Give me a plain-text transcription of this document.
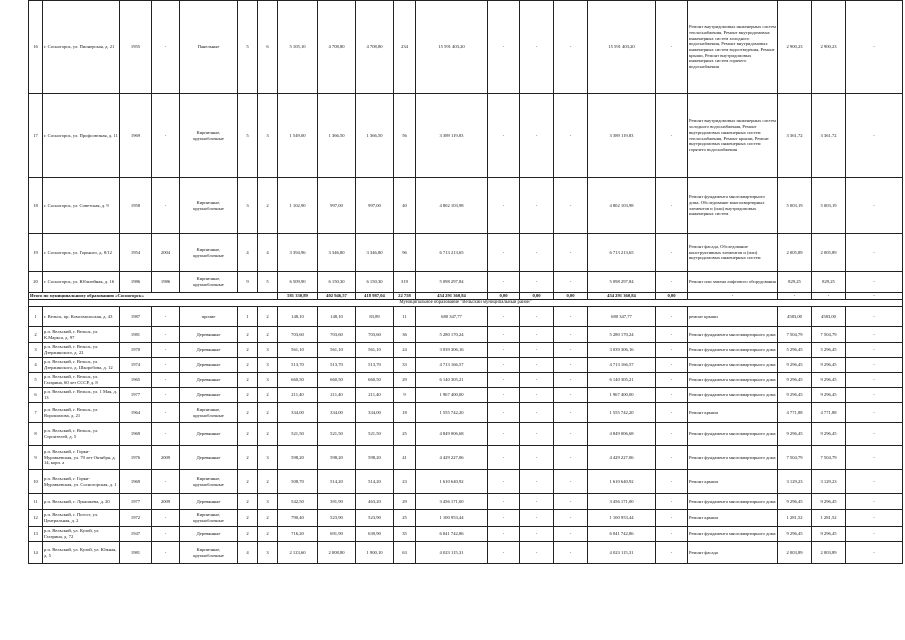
16	г. Сосногорск, ул. Пионерская, д. 21	1955	-	Панельные	5	6	5 105,10	4 708,80	4 708,80	234	15 591 403,20	-	-	-	15 591 403,20	-	Ремонт внутридомовых инженерных систем теплоснабжения, Ремонт внутридомовых инженерных систем холодного водоснабжения, Ремонт внутридомовых инженерных систем водоотведения, Ремонт крыши, Ремонт внутридомовых инженерных систем горячего водоснабжения	2 900,23	2 900,23	-
17	г. Сосногорск, ул. Профсоюзная, д. 11	1969	-	Кирпичные, крупноблочные	5	3	1 549,00	1 366,50	1 366,50	56	3 389 119,83	-	-	-	3 389 119,83	-	Ремонт внутридомовых инженерных систем холодного водоснабжения, Ремонт внутридомовых инженерных систем теплоснабжения, Ремонт крыши, Ремонт внутридомовых инженерных систем горячего водоснабжения	3 361,72	3 361,72	-
18	г. Сосногорск, ул. Советская, д. 9	1958	-	Кирпичные, крупноблочные	3	2	1 102,90	997,00	997,00	40	4 802 103,98	-	-	-	4 802 103,98	-	Ремонт фундамента многоквартирного дома, Обследование многоквартирных элементов и (или) внутридомовых инженерных систем	5 003,19	5 003,19	-
19	г. Сосногорск, ул. Горького, д. 8/12	1954	2004	Кирпичные, крупноблочные	4	4	3 394,96	3 346,80	3 346,80	96	6 713 213,65	-	-	-	6 713 213,65	-	Ремонт фасада, Обследование конструктивных элементов и (или) внутридомовых инженерных систем	2 005,89	2 005,89	-
20	г. Сосногорск, ул. Юбилейная, д. 16	1986	1986	Кирпичные, крупноблочные	9	5	6 509,90	6 150,30	6 150,30	319	5 098 297,84	-	-	-	5 098 297,84	-	Ремонт или замена лифтового оборудования	829,25	829,25	-
Итого по муниципальному образованию «Сосногорск»							581 330,89	402 946,57	418 987,04	22 758	454 291 360,84	0,00	0,00	0,00	454 291 360,84	0,00	-	-	-	-
Муниципальное образование "Вельский муниципальный район"																				
1	г. Вельск, пр. Комсомольская, д. 43	1987	-	прочие	1	2	148,10	148,10	83,89	11	680 347,77	-	-	-	680 347,77	-	ремонт крыши	4583,00	4583,00	-
2	р.п. Вельский, г. Вельск, ул. К.Маркса, д. 97	1981	-	Деревянные	2	2	703,60	703,60	703,60	36	5 280 170,24	-	-	-	5 280 170,24	-	Ремонт фундамента многоквартирного дома	7 504,79	7 504,79	-
3	р.п. Вельский, г. Вельск, ул. Дзержинского, д. 22	1970	-	Деревянные	2	3	561,10	561,10	561,10	24	3 039 306,16	-	-	-	3 039 306,16	-	Ремонт фундамента многоквартирного дома	5 296,45	5 296,45	-
4	р.п. Вельский, г. Вельск, ул. Дзержинского, д. Шкоробова, д. 12	1974	-	Деревянные	2	3	513,70	513,70	513,70	33	4 713 166,57	-	-	-	4 713 166,57	-	Ремонт фундамента многоквартирного дома	9 296,45	9 296,45	-
5	р.п. Вельский, г. Вельск, ул. Гагарина, 60 лет СССР, д. 8	1965	-	Деревянные	2	3	660,50	660,50	660,50	29	6 140 305,21	-	-	-	6 140 305,21	-	Ремонт фундамента многоквартирного дома	9 296,45	9 296,45	-
6	р.п. Вельский, г. Вельск, ул. 1 Мая, д. 13	1977	-	Деревянные	2	2	211,40	211,40	211,40	9	1 967 400,00	-	-	-	1 967 400,00	-	Ремонт фундамента многоквартирного дома	9 296,45	9 296,45	-
7	р.п. Вельский, г. Вельск, ул. Ворошилова, д. 21	1964	-	Кирпичные, крупноблочные	2	2	334,00	334,00	334,00	18	1 555 742,20	-	-	-	1 555 742,20	-	Ремонт крыши	4 771,88	4 771,88	-
8	р.п. Вельский, г. Вельск, ул. Строителей, д. 5	1969	-	Деревянные	2	2	521,50	521,50	521,50	25	4 849 006,68	-	-	-	4 849 006,68	-	Ремонт фундамента многоквартирного дома	9 296,45	9 296,45	-
9	р.п. Вельский, г. Горки-Муравьевская, ул. 70 лет Октября, д. 14, корп. а	1976	2009	Деревянные	2	3	598,20	598,20	598,20	41	4 429 227,06	-	-	-	4 429 227,06	-	Ремонт фундамента многоквартирного дома	7 504,79	7 504,79	-
10	р.п. Вельский, г. Горки-Муравьевская, ул. Сосногорская, д. 1	1969	-	Кирпичные, крупноблочные	2	2	508,70	514,20	514,20	23	1 610 640,92	-	-	-	1 610 640,92	-	Ремонт крыши	3 129,23	3 129,23	-
11	р.п. Вельский, г. Лукашьева, д. 20	1977	2009	Деревянные	2	3	542,50	391,90	463,20	29	3 456 171,00	-	-	-	3 456 171,00	-	Ремонт фундамента многоквартирного дома	9 296,45	9 296,45	-
12	р.п. Вельский, г. Погост, ул. Центральная, д. 2	1972	-	Кирпичные, крупноблочные	2	2	790,40	523,90	523,90	25	1 100 953,44	-	-	-	1 100 953,44	-	Ремонт крыши	1 281,52	1 281,52	-
13	р.п. Вельский, ул. Кулой, ул. Гагарина, д. 72	1947	-	Деревянные	2	2	716,20	691,90	639,90	35	6 041 742,86	-	-	-	6 041 742,86	-	Ремонт фундамента многоквартирного дома	9 296,45	9 296,45	-
14	р.п. Вельский, ул. Кулой, ул. Южная, д. 5	1981	-	Кирпичные, крупноблочные	4	3	2 123,60	2 008,80	1 900,10	63	4 023 115,31	-	-	-	4 023 115,31	-	Ремонт фасада	2 003,89	2 003,89	-
